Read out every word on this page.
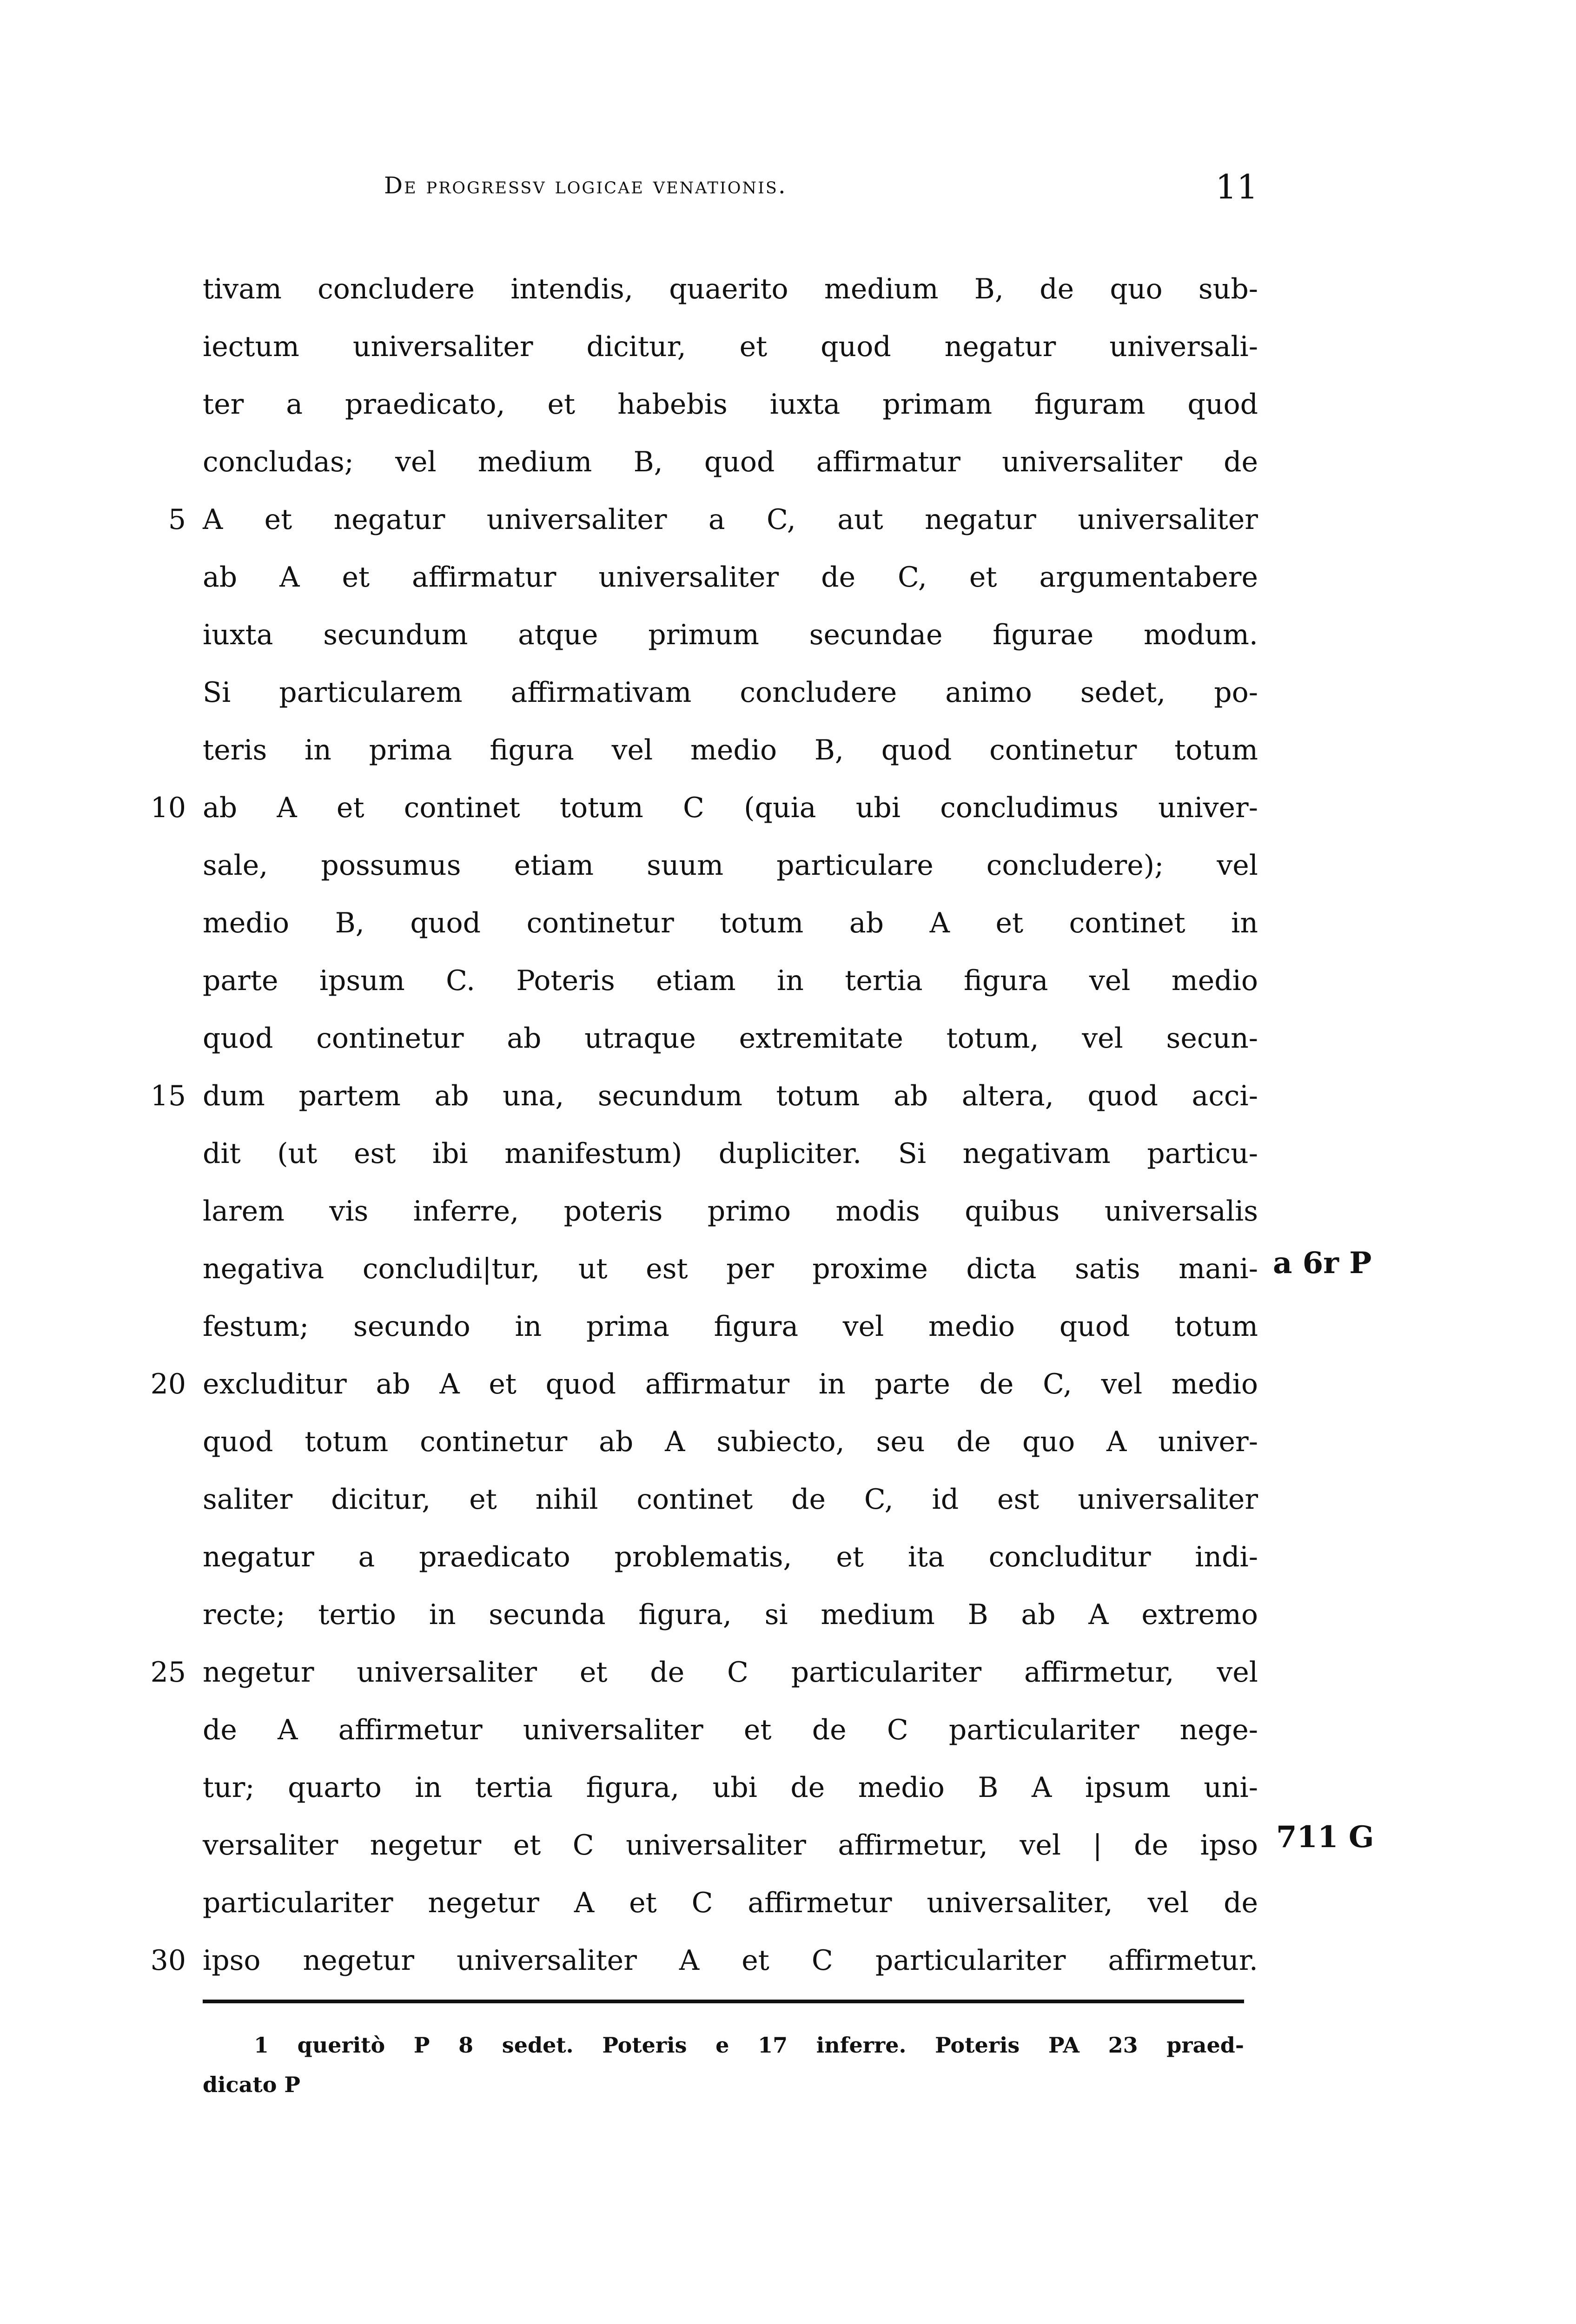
De progressv logicae venationis.	11
5
10
15
20
25
30
tivam concludere intendis, quaerito medium B, de quo sub-
iectum universaliter dicitur, et quod negatur universali-
ter a praedicato, et habebis iuxta primam figuram quod
concludas; vel medium B, quod affirmatur universaliter de
A et negatur universaliter a C, aut negatur universaliter
ab A et affirmatur universaliter de C, et argumentabere
iuxta secundum atque primum secundae figurae modum.
Si particularem affirmativam concludere animo sedet, po-
teris in prima figura vel medio B, quod continetur totum
ab A et continet totum C (quia ubi concludimus univer-
sale, possumus etiam suum particulare concludere); vel
medio B, quod continetur totum ab A et continet in
parte ipsum C. Poteris etiam in tertia figura vel medio
quod continetur ab utraque extremitate totum, vel secun-
dum partem ab una, secundum totum ab altera, quod acci-
dit (ut est ibi manifestum) dupliciter. Si negativam particu-
larem vis inferre, poteris primo modis quibus universalis
negativa concludi|tur, ut est per proxime dicta satis mani-
festum; secundo in prima figura vel medio quod totum
excluditur ab A et quod affirmatur in parte de C, vel medio
quod totum continetur ab A subiecto, seu de quo A univer-
saliter dicitur, et nihil continet de C, id est universaliter
negatur a praedicato problematis, et ita concluditur indi-
recte; tertio in secunda figura, si medium B ab A extremo
negetur universaliter et de C particulariter affirmetur, vel
de A affirmetur universaliter et de C particulariter nege-
tur; quarto in tertia figura, ubi de medio B A ipsum uni-
versaliter negetur et C universaliter affirmetur, vel | de ipso
particulariter negetur A et C affirmetur universaliter, vel de
ipso negetur universaliter A et C particulariter affirmetur.
a 6r P
711 G
1 queritò P 8 sedet. Poteris e 17 inferre. Poteris PA 23 praed-
dicato P
